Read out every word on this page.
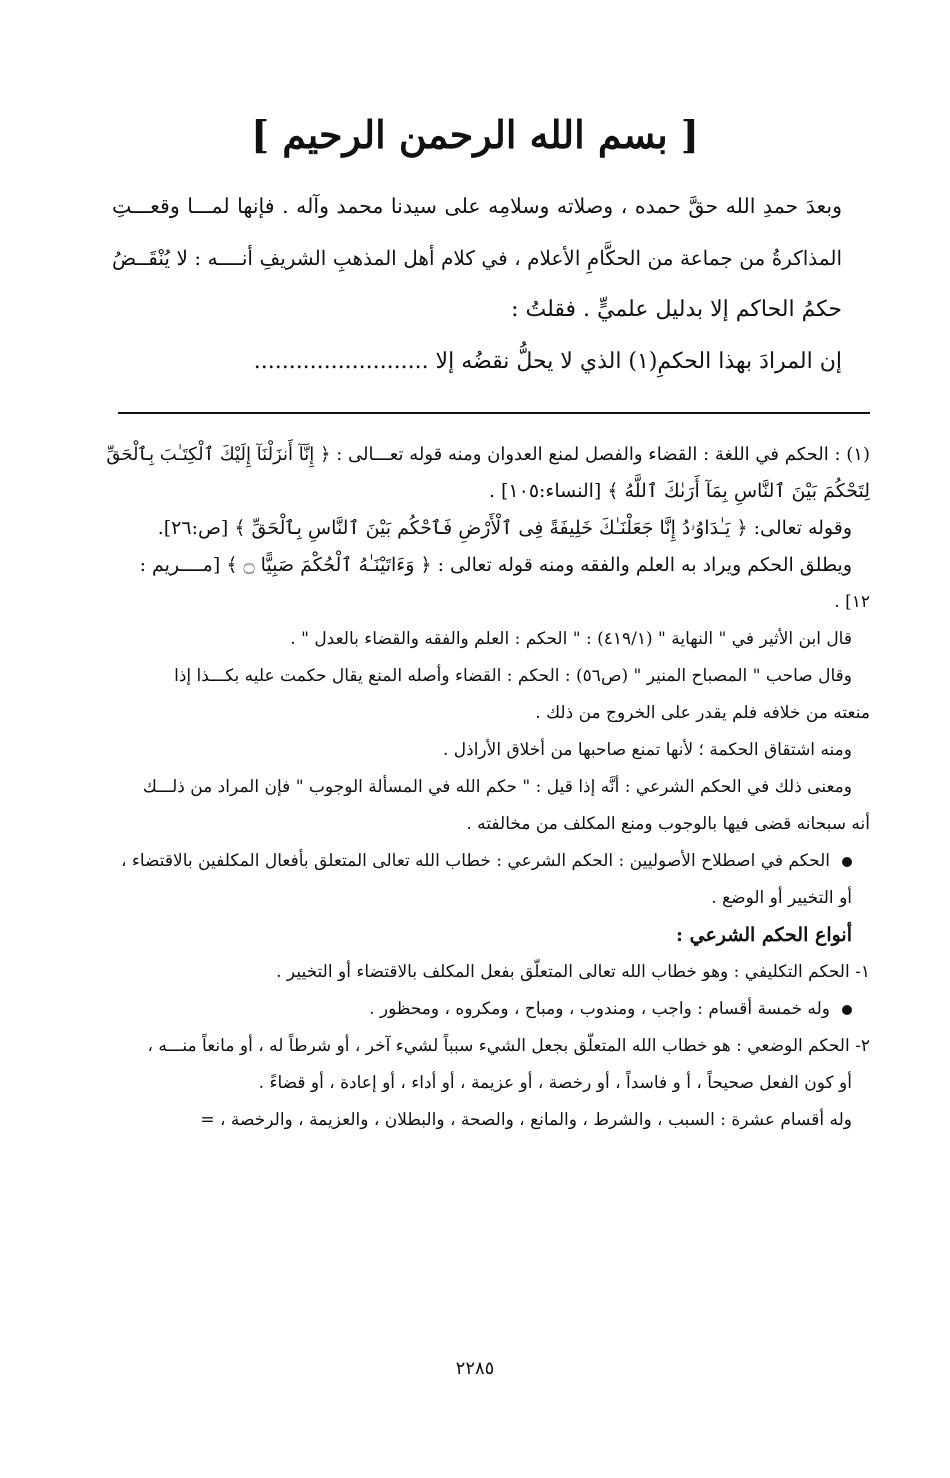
[ بسم الله الرحمن الرحيم ]
وبعدَ حمدِ الله حقَّ حمده ، وصلاته وسلامِه على سيدنا محمد وآله . فإنها لمـــا وقعـــتِ
المذاكرةُ من جماعة من الحكَّامِ الأعلام ، في كلام أهل المذهبِ الشريفِ أنــــه : لا يُنْقَــضُ
حكمُ الحاكم إلا بدليل علميٍّ . فقلتُ :
إن المرادَ بهذا الحكمِ(١) الذي لا يحلُّ نقضُه إلا .........................
(١) : الحكم في اللغة : القضاء والفصل لمنع العدوان ومنه قوله تعـــالى : ﴿ إِنَّآ أَنزَلْنَآ إِلَيْكَ ٱلْكِتَـٰبَ بِٱلْحَقِّ
لِتَحْكُمَ بَيْنَ ٱلنَّاسِ بِمَآ أَرَىٰكَ ٱللَّهُ ﴾ [النساء:١٠٥] .
وقوله تعالى: ﴿ يَـٰدَاوُۥدُ إِنَّا جَعَلْنَـٰكَ خَلِيفَةً فِى ٱلْأَرْضِ فَٱحْكُم بَيْنَ ٱلنَّاسِ بِٱلْحَقِّ ﴾ [ص:٢٦].
ويطلق الحكم ويراد به العلم والفقه ومنه قوله تعالى : ﴿ وَءَاتَيْنَـٰهُ ٱلْحُكْمَ صَبِيًّا ۝ ﴾ [مــــريم :
١٢] .
قال ابن الأثير في " النهاية " (٤١٩/١) : " الحكم : العلم والفقه والقضاء بالعدل " .
وقال صاحب " المصباح المنير " (ص٥٦) : الحكم : القضاء وأصله المنع يقال حكمت عليه بكـــذا إذا
منعته من خلافه فلم يقدر على الخروج من ذلك .
ومنه اشتقاق الحكمة ؛ لأنها تمنع صاحبها من أخلاق الأراذل .
ومعنى ذلك في الحكم الشرعي : أنَّه إذا قيل : " حكم الله في المسألة الوجوب " فإن المراد من ذلـــك
أنه سبحانه قضى فيها بالوجوب ومنع المكلف من مخالفته .
الحكم في اصطلاح الأصوليين : الحكم الشرعي : خطاب الله تعالى المتعلق بأفعال المكلفين بالاقتضاء ،
أو التخيير أو الوضع .
أنواع الحكم الشرعي :
١- الحكم التكليفي : وهو خطاب الله تعالى المتعلّق بفعل المكلف بالاقتضاء أو التخيير .
وله خمسة أقسام : واجب ، ومندوب ، ومباح ، ومكروه ، ومحظور .
٢- الحكم الوضعي : هو خطاب الله المتعلّق بجعل الشيء سبباً لشيء آخر ، أو شرطاً له ، أو مانعاً منـــه ،
أو كون الفعل صحيحاً ، أ و فاسداً ، أو رخصة ، أو عزيمة ، أو أداء ، أو إعادة ، أو قضاءً .
وله أقسام عشرة : السبب ، والشرط ، والمانع ، والصحة ، والبطلان ، والعزيمة ، والرخصة ، =
٢٢٨٥
